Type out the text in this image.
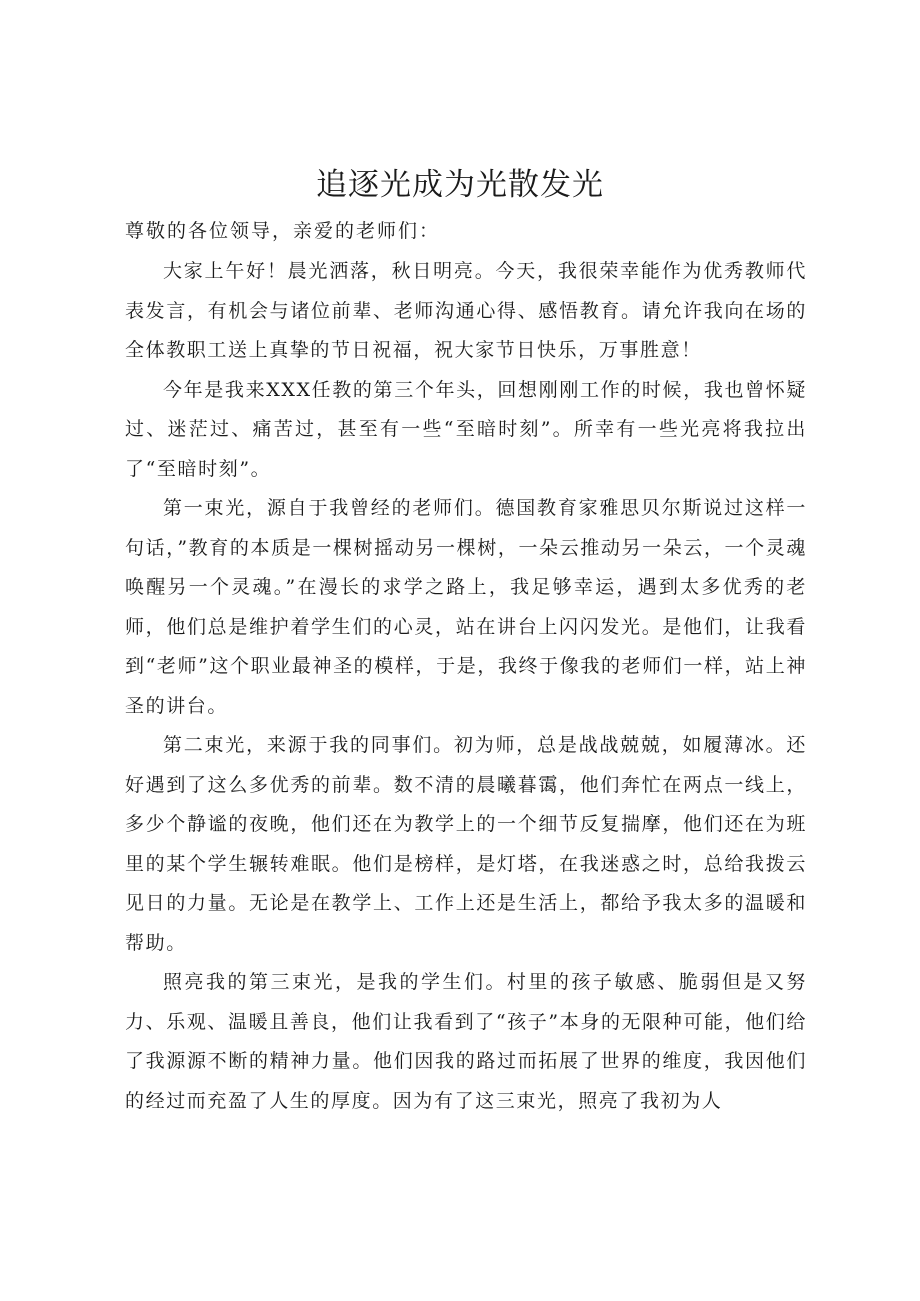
追逐光成为光散发光

尊敬的各位领导，亲爱的老师们：

大家上午好！晨光洒落，秋日明亮。今天，我很荣幸能作为优秀教师代表发言，有机会与诸位前辈、老师沟通心得、感悟教育。请允许我向在场的全体教职工送上真挚的节日祝福，祝大家节日快乐，万事胜意！

今年是我来XXX任教的第三个年头，回想刚刚工作的时候，我也曾怀疑过、迷茫过、痛苦过，甚至有一些“至暗时刻”。所幸有一些光亮将我拉出了“至暗时刻”。

第一束光，源自于我曾经的老师们。德国教育家雅思贝尔斯说过这样一句话，”教育的本质是一棵树摇动另一棵树，一朵云推动另一朵云，一个灵魂唤醒另一个灵魂。”在漫长的求学之路上，我足够幸运，遇到太多优秀的老师，他们总是维护着学生们的心灵，站在讲台上闪闪发光。是他们，让我看到“老师”这个职业最神圣的模样，于是，我终于像我的老师们一样，站上神圣的讲台。

第二束光，来源于我的同事们。初为师，总是战战兢兢，如履薄冰。还好遇到了这么多优秀的前辈。数不清的晨曦暮霭，他们奔忙在两点一线上，多少个静谧的夜晚，他们还在为教学上的一个细节反复揣摩，他们还在为班里的某个学生辗转难眠。他们是榜样，是灯塔，在我迷惑之时，总给我拨云见日的力量。无论是在教学上、工作上还是生活上，都给予我太多的温暖和帮助。

照亮我的第三束光，是我的学生们。村里的孩子敏感、脆弱但是又努力、乐观、温暖且善良，他们让我看到了“孩子”本身的无限种可能，他们给了我源源不断的精神力量。他们因我的路过而拓展了世界的维度，我因他们的经过而充盈了人生的厚度。因为有了这三束光，照亮了我初为人
